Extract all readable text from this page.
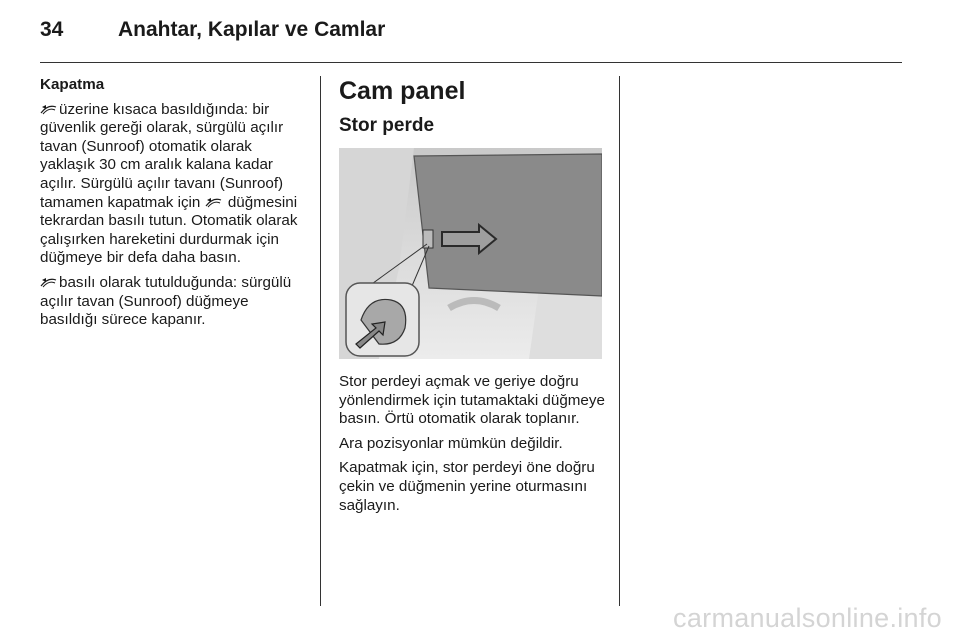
34	Anahtar, Kapılar ve Camlar

Kapatma

üzerine kısaca basıldığında: bir güvenlik gereği olarak, sürgülü açılır tavan (Sunroof) otomatik olarak yaklaşık 30 cm aralık kalana kadar açılır. Sürgülü açılır tavanı (Sunroof) tamamen kapatmak için düğmesini tekrardan basılı tutun. Otomatik olarak çalışırken hareketini durdurmak için düğmeye bir defa daha basın.

basılı olarak tutulduğunda: sürgülü açılır tavan (Sunroof) düğmeye basıldığı sürece kapanır.

Cam panel
Stor perde

Stor perdeyi açmak ve geriye doğru yönlendirmek için tutamaktaki düğmeye basın. Örtü otomatik olarak toplanır.

Ara pozisyonlar mümkün değildir.

Kapatmak için, stor perdeyi öne doğru çekin ve düğmenin yerine oturmasını sağlayın.

carmanualsonline.info
